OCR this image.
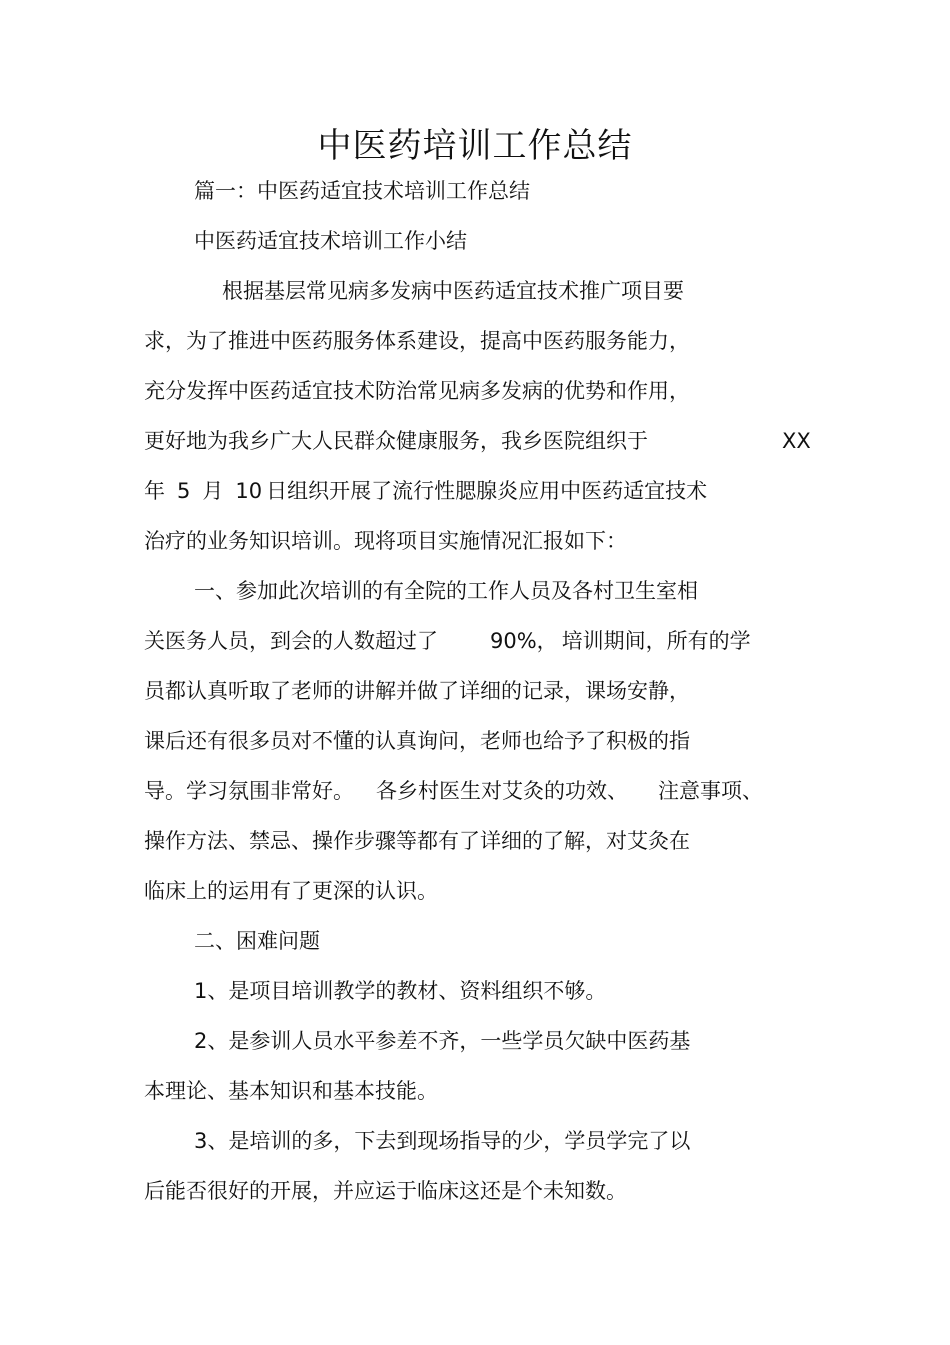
中医药培训工作总结

篇一：中医药适宜技术培训工作总结

中医药适宜技术培训工作小结

根据基层常见病多发病中医药适宜技术推广项目要

求，为了推进中医药服务体系建设，提高中医药服务能力，

充分发挥中医药适宜技术防治常见病多发病的优势和作用，

更好地为我乡广大人民群众健康服务，我乡医院组织于	XX

年 5 月 10 日组织开展了流行性腮腺炎应用中医药适宜技术

治疗的业务知识培训。现将项目实施情况汇报如下：

一、参加此次培训的有全院的工作人员及各村卫生室相

关医务人员，到会的人数超过了 90%， 培训期间，所有的学

员都认真听取了老师的讲解并做了详细的记录，课场安静，

课后还有很多员对不懂的认真询问，老师也给予了积极的指

导。学习氛围非常好。 各乡村医生对艾灸的功效、 注意事项、

操作方法、禁忌、操作步骤等都有了详细的了解，对艾灸在

临床上的运用有了更深的认识。

二、困难问题

1、是项目培训教学的教材、资料组织不够。

2、是参训人员水平参差不齐，一些学员欠缺中医药基

本理论、基本知识和基本技能。

3、是培训的多，下去到现场指导的少，学员学完了以

后能否很好的开展，并应运于临床这还是个未知数。
